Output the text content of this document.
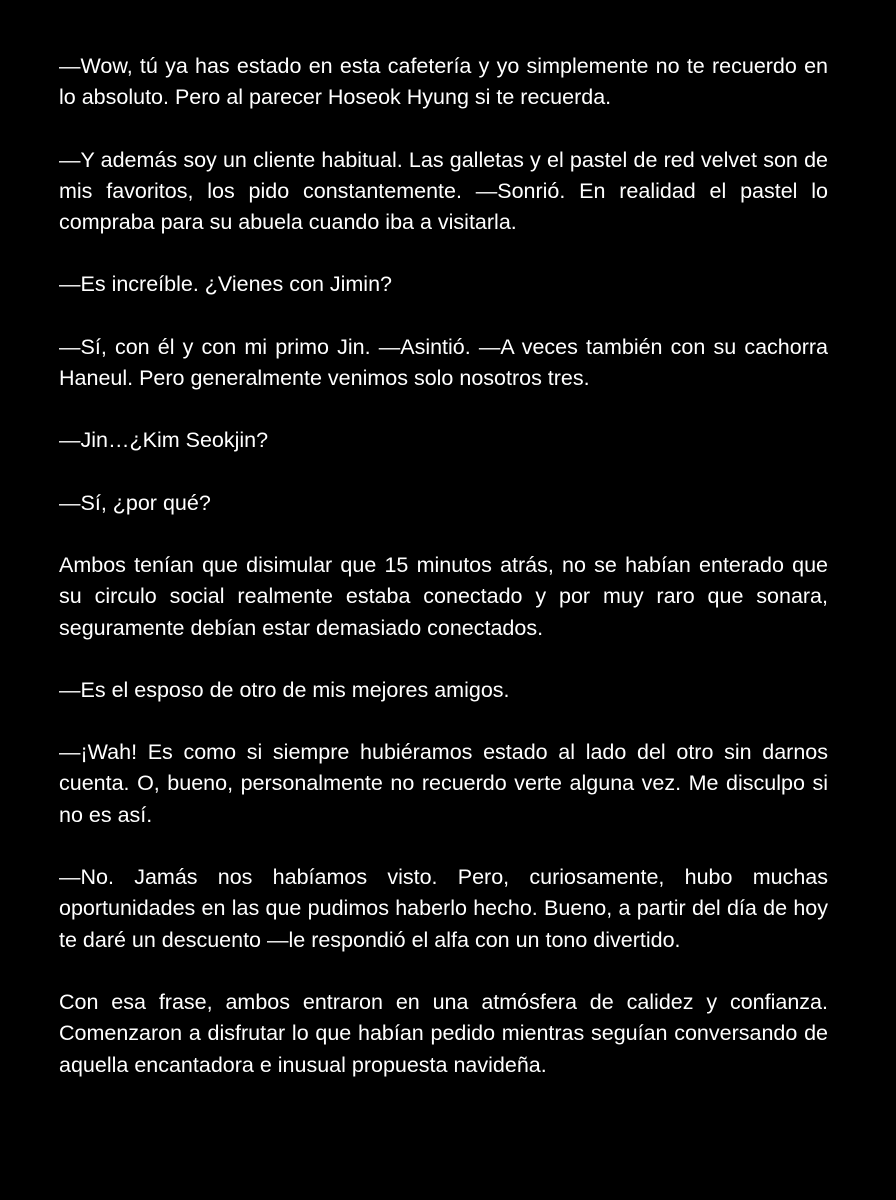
—Wow, tú ya has estado en esta cafetería y yo simplemente no te recuerdo en lo absoluto. Pero al parecer Hoseok Hyung si te recuerda.

—Y además soy un cliente habitual. Las galletas y el pastel de red velvet son de mis favoritos, los pido constantemente. —Sonrió. En realidad el pastel lo compraba para su abuela cuando iba a visitarla.

—Es increíble. ¿Vienes con Jimin?

—Sí, con él y con mi primo Jin. —Asintió. —A veces también con su cachorra Haneul. Pero generalmente venimos solo nosotros tres.

—Jin…¿Kim Seokjin?

—Sí, ¿por qué?

Ambos tenían que disimular que 15 minutos atrás, no se habían enterado que su circulo social realmente estaba conectado y por muy raro que sonara, seguramente debían estar demasiado conectados.

—Es el esposo de otro de mis mejores amigos.

—¡Wah! Es como si siempre hubiéramos estado al lado del otro sin darnos cuenta. O, bueno, personalmente no recuerdo verte alguna vez. Me disculpo si no es así.

—No. Jamás nos habíamos visto. Pero, curiosamente, hubo muchas oportunidades en las que pudimos haberlo hecho. Bueno, a partir del día de hoy te daré un descuento —le respondió el alfa con un tono divertido.

Con esa frase, ambos entraron en una atmósfera de calidez y confianza. Comenzaron a disfrutar lo que habían pedido mientras seguían conversando de aquella encantadora e inusual propuesta navideña.
